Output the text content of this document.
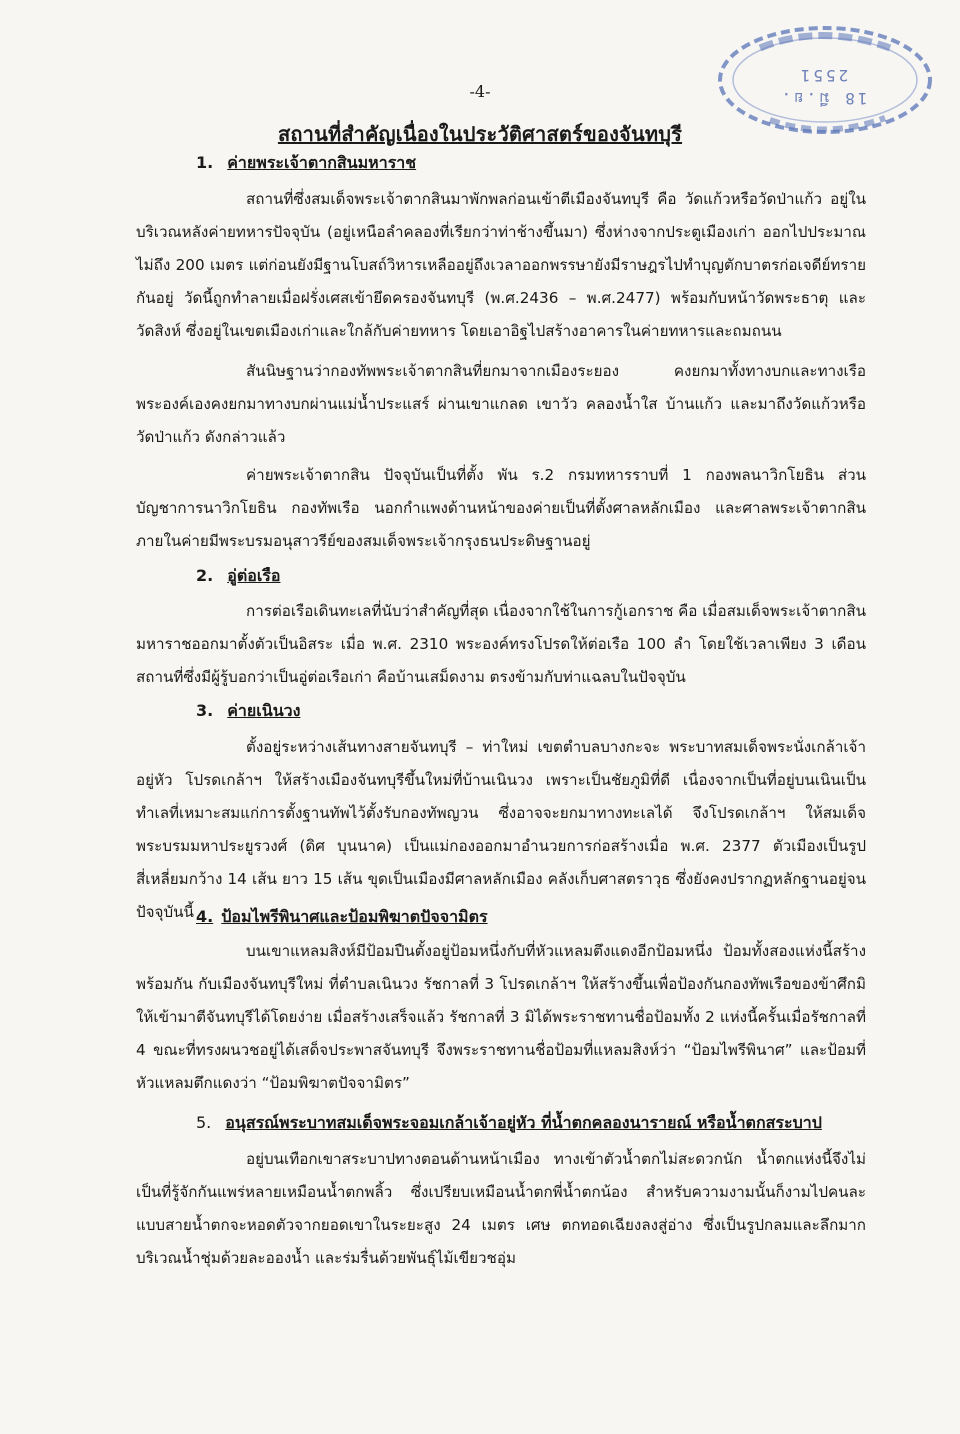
18 มี.ย. 2551
-4-
สถานที่สำคัญเนื่องในประวัติศาสตร์ของจันทบุรี
1. ค่ายพระเจ้าตากสินมหาราช
สถานที่ซึ่งสมเด็จพระเจ้าตากสินมาพักพลก่อนเข้าตีเมืองจันทบุรี คือ วัดแก้วหรือวัดป่าแก้ว อยู่ในบริเวณหลังค่ายทหารปัจจุบัน (อยู่เหนือลำคลองที่เรียกว่าท่าช้างขึ้นมา) ซึ่งห่างจากประตูเมืองเก่า ออกไปประมาณไม่ถึง 200 เมตร แต่ก่อนยังมีฐานโบสถ์วิหารเหลืออยู่ถึงเวลาออกพรรษายังมีราษฎรไปทำบุญตักบาตรก่อเจดีย์ทรายกันอยู่ วัดนี้ถูกทำลายเมื่อฝรั่งเศสเข้ายึดครองจันทบุรี (พ.ศ.2436 – พ.ศ.2477) พร้อมกับหน้าวัดพระธาตุ และวัดสิงห์ ซึ่งอยู่ในเขตเมืองเก่าและใกล้กับค่ายทหาร โดยเอาอิฐไปสร้างอาคารในค่ายทหารและถมถนน
สันนิษฐานว่ากองทัพพระเจ้าตากสินที่ยกมาจากเมืองระยอง คงยกมาทั้งทางบกและทางเรือ พระองค์เองคงยกมาทางบกผ่านแม่น้ำประแสร์ ผ่านเขาแกลด เขาวัว คลองน้ำใส บ้านแก้ว และมาถึงวัดแก้วหรือวัดป่าแก้ว ดังกล่าวแล้ว
ค่ายพระเจ้าตากสิน ปัจจุบันเป็นที่ตั้ง พัน ร.2 กรมทหารราบที่ 1 กองพลนาวิกโยธิน ส่วนบัญชาการนาวิกโยธิน กองทัพเรือ นอกกำแพงด้านหน้าของค่ายเป็นที่ตั้งศาลหลักเมือง และศาลพระเจ้าตากสิน ภายในค่ายมีพระบรมอนุสาวรีย์ของสมเด็จพระเจ้ากรุงธนประดิษฐานอยู่
2. อู่ต่อเรือ
การต่อเรือเดินทะเลที่นับว่าสำคัญที่สุด เนื่องจากใช้ในการกู้เอกราช คือ เมื่อสมเด็จพระเจ้าตากสินมหาราชออกมาตั้งตัวเป็นอิสระ เมื่อ พ.ศ. 2310 พระองค์ทรงโปรดให้ต่อเรือ 100 ลำ โดยใช้เวลาเพียง 3 เดือน สถานที่ซึ่งมีผู้รู้บอกว่าเป็นอู่ต่อเรือเก่า คือบ้านเสม็ดงาม ตรงข้ามกับท่าแฉลบในปัจจุบัน
3. ค่ายเนินวง
ตั้งอยู่ระหว่างเส้นทางสายจันทบุรี – ท่าใหม่ เขตตำบลบางกะจะ พระบาทสมเด็จพระนั่งเกล้าเจ้าอยู่หัว โปรดเกล้าฯ ให้สร้างเมืองจันทบุรีขึ้นใหม่ที่บ้านเนินวง เพราะเป็นชัยภูมิที่ดี เนื่องจากเป็นที่อยู่บนเนินเป็นทำเลที่เหมาะสมแก่การตั้งฐานทัพไว้ตั้งรับกองทัพญวน ซึ่งอาจจะยกมาทางทะเลได้ จึงโปรดเกล้าฯ ให้สมเด็จพระบรมมหาประยูรวงศ์ (ดิศ บุนนาค) เป็นแม่กองออกมาอำนวยการก่อสร้างเมื่อ พ.ศ. 2377 ตัวเมืองเป็นรูปสี่เหลี่ยมกว้าง 14 เส้น ยาว 15 เส้น ขุดเป็นเมืองมีศาลหลักเมือง คลังเก็บศาสตราวุธ ซึ่งยังคงปรากฏหลักฐานอยู่จนปัจจุบันนี้ 4. ป้อมไพรีพินาศและป้อมพิฆาตปัจจามิตร
บนเขาแหลมสิงห์มีป้อมปืนตั้งอยู่ป้อมหนึ่งกับที่หัวแหลมตึงแดงอีกป้อมหนึ่ง ป้อมทั้งสองแห่งนี้สร้างพร้อมกัน กับเมืองจันทบุรีใหม่ ที่ตำบลเนินวง รัชกาลที่ 3 โปรดเกล้าฯ ให้สร้างขึ้นเพื่อป้องกันกองทัพเรือของข้าศึกมิให้เข้ามาตีจันทบุรีได้โดยง่าย เมื่อสร้างเสร็จแล้ว รัชกาลที่ 3 มิได้พระราชทานชื่อป้อมทั้ง 2 แห่งนี้ครั้นเมื่อรัชกาลที่ 4 ขณะที่ทรงผนวชอยู่ได้เสด็จประพาสจันทบุรี จึงพระราชทานชื่อป้อมที่แหลมสิงห์ว่า “ป้อมไพรีพินาศ” และป้อมที่หัวแหลมตึกแดงว่า “ป้อมพิฆาตปัจจามิตร”
5. อนุสรณ์พระบาทสมเด็จพระจอมเกล้าเจ้าอยู่หัว ที่น้ำตกคลองนารายณ์ หรือน้ำตกสระบาป
อยู่บนเทือกเขาสระบาปทางตอนด้านหน้าเมือง ทางเข้าตัวน้ำตกไม่สะดวกนัก น้ำตกแห่งนี้จึงไม่เป็นที่รู้จักกันแพร่หลายเหมือนน้ำตกพลิ้ว ซึ่งเปรียบเหมือนน้ำตกพี่น้ำตกน้อง สำหรับความงามนั้นก็งามไปคนละแบบสายน้ำตกจะหอดตัวจากยอดเขาในระยะสูง 24 เมตร เศษ ตกทอดเฉียงลงสู่อ่าง ซึ่งเป็นรูปกลมและลึกมากบริเวณน้ำชุ่มด้วยละอองน้ำ และร่มรื่นด้วยพันธุ์ไม้เขียวชอุ่ม
